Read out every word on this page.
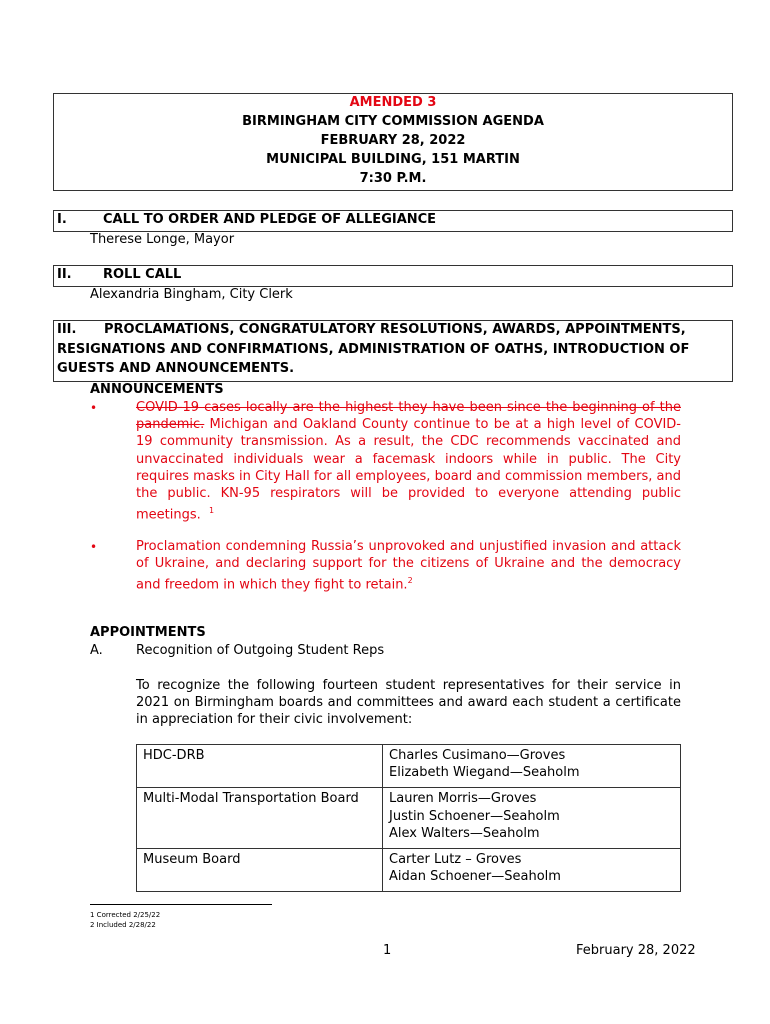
AMENDED 3
BIRMINGHAM CITY COMMISSION AGENDA
FEBRUARY 28, 2022
MUNICIPAL BUILDING, 151 MARTIN
7:30 P.M.
I.	CALL TO ORDER AND PLEDGE OF ALLEGIANCE
Therese Longe, Mayor
II. ROLL CALL
Alexandria Bingham, City Clerk
III. PROCLAMATIONS, CONGRATULATORY RESOLUTIONS, AWARDS, APPOINTMENTS,
RESIGNATIONS AND CONFIRMATIONS, ADMINISTRATION OF OATHS, INTRODUCTION OF
GUESTS AND ANNOUNCEMENTS.
ANNOUNCEMENTS
•	COVID-19 cases locally are the highest they have been since the beginning of the pandemic. Michigan and Oakland County continue to be at a high level of COVID-19 community transmission. As a result, the CDC recommends vaccinated and unvaccinated individuals wear a facemask indoors while in public. The City requires masks in City Hall for all employees, board and commission members, and the public. KN-95 respirators will be provided to everyone attending public meetings. $^1$
•	Proclamation condemning Russia’s unprovoked and unjustified invasion and attack of Ukraine, and declaring support for the citizens of Ukraine and the democracy and freedom in which they fight to retain.$^2$
APPOINTMENTS
A.	Recognition of Outgoing Student Reps
To recognize the following fourteen student representatives for their service in 2021 on Birmingham boards and committees and award each student a certificate in appreciation for their civic involvement:
HDC-DRB	Charles Cusimano—Groves
Elizabeth Wiegand—Seaholm

Multi-Modal Transportation Board	Lauren Morris—Groves
Justin Schoener—Seaholm
Alex Walters—Seaholm

Museum Board	Carter Lutz – Groves
Aidan Schoener—Seaholm
1 Corrected 2/25/22
2 Included 2/28/22
1	February 28, 2022
